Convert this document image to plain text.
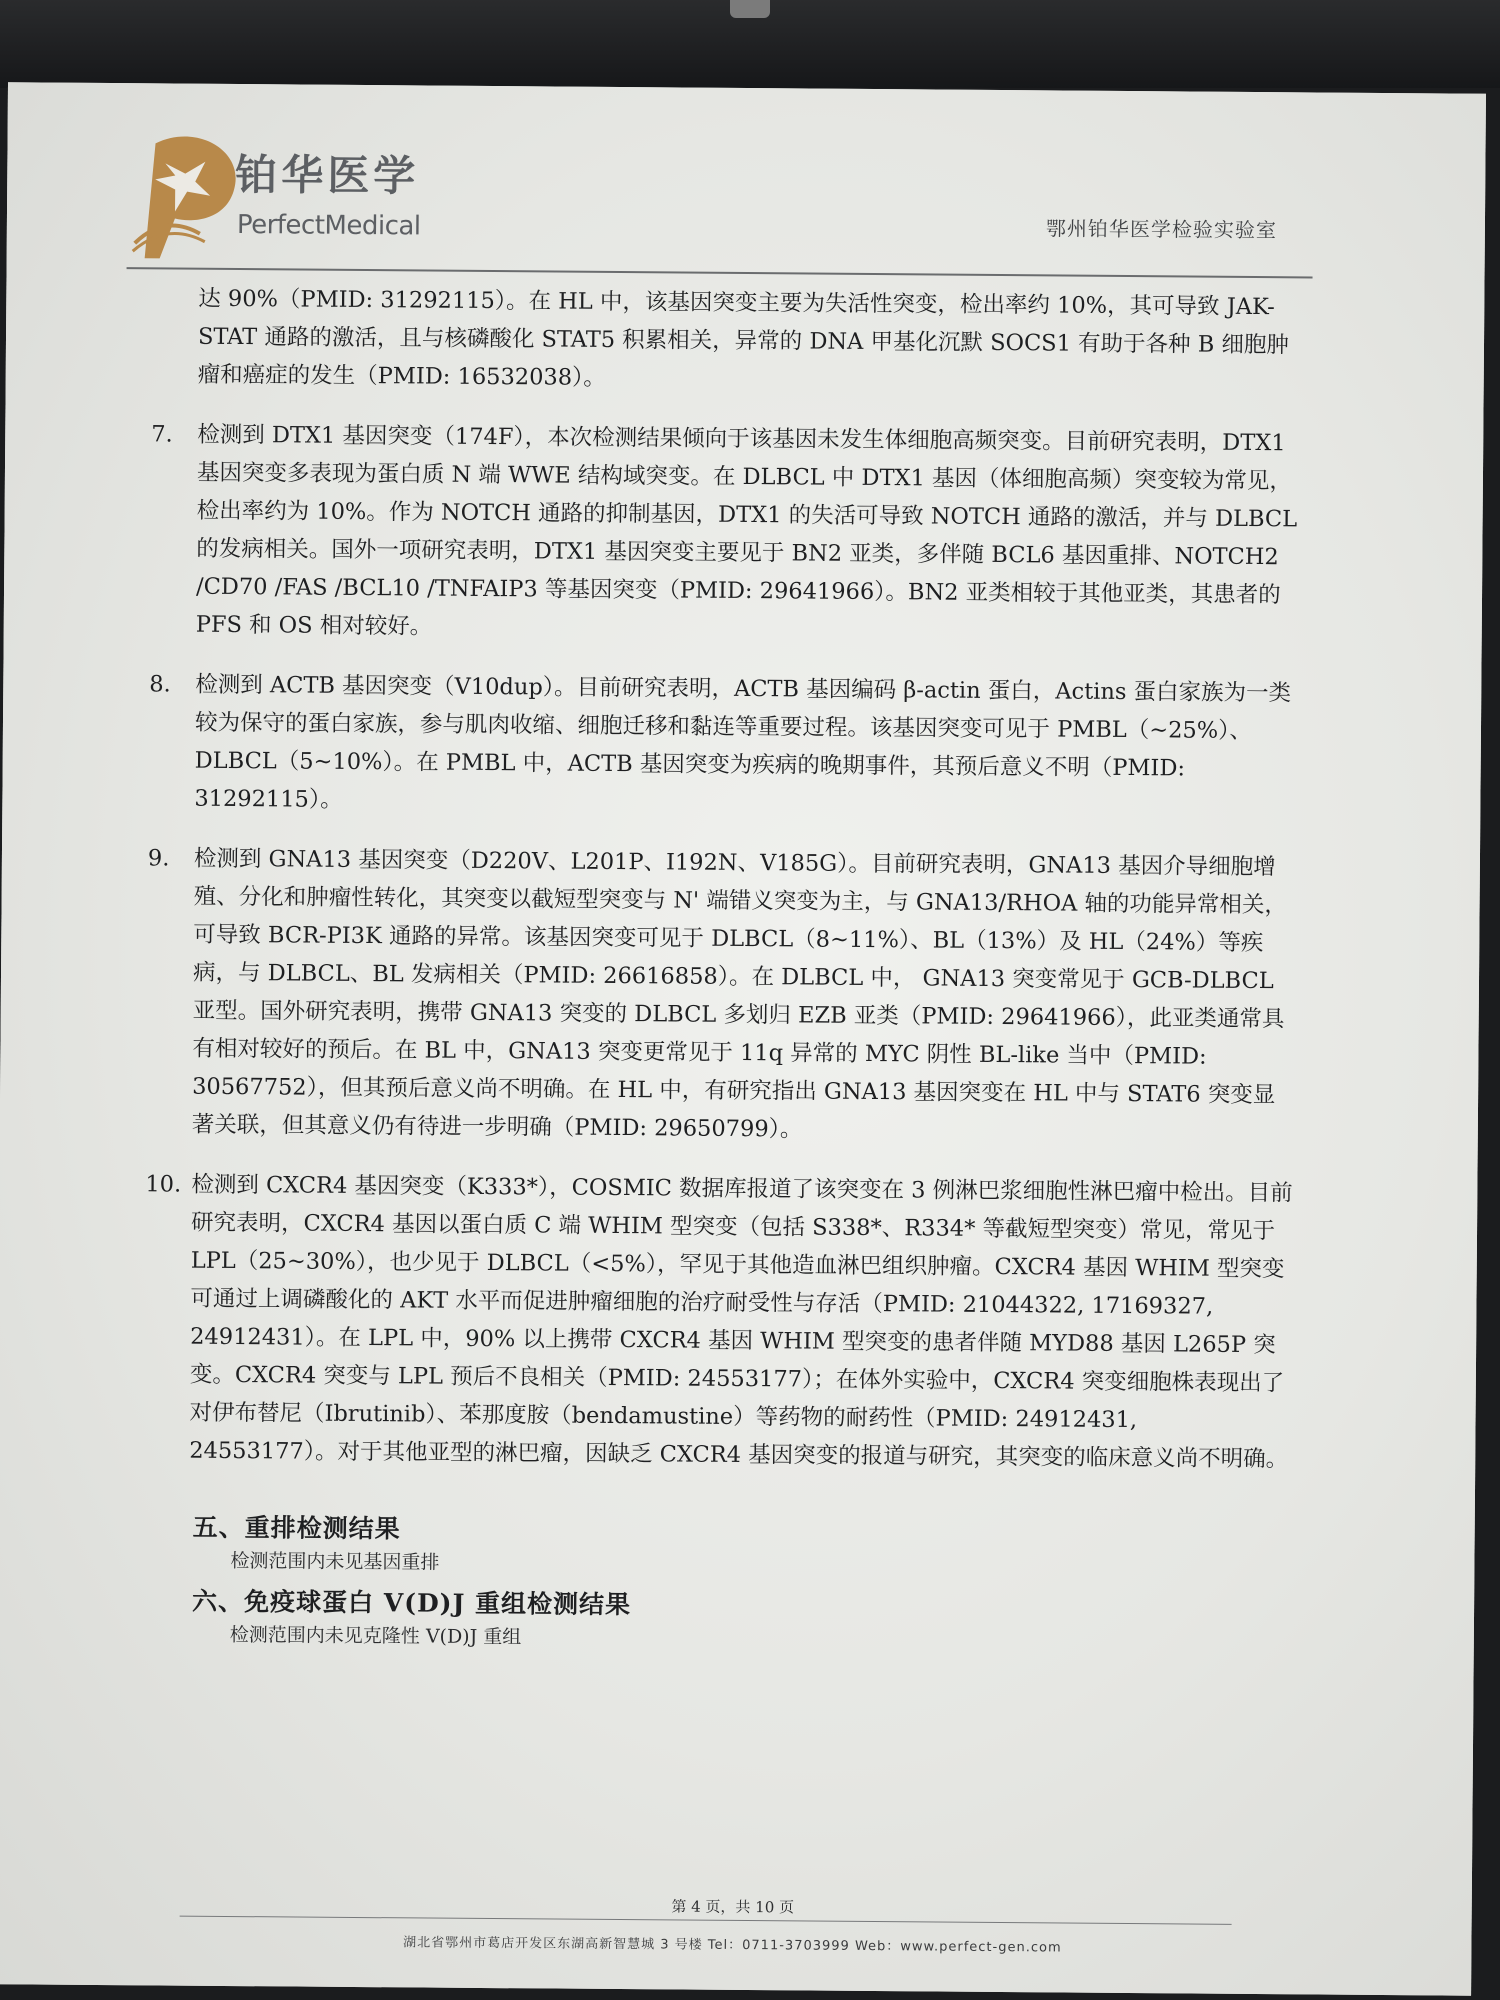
铂华医学
PerfectMedical	鄂州铂华医学检验实验室

达 90%（PMID: 31292115）。在 HL 中，该基因突变主要为失活性突变，检出率约 10%，其可导致 JAK-STAT 通路的激活，且与核磷酸化 STAT5 积累相关，异常的 DNA 甲基化沉默 SOCS1 有助于各种 B 细胞肿瘤和癌症的发生（PMID: 16532038）。

7. 检测到 DTX1 基因突变（174F），本次检测结果倾向于该基因未发生体细胞高频突变。目前研究表明，DTX1 基因突变多表现为蛋白质 N 端 WWE 结构域突变。在 DLBCL 中 DTX1 基因（体细胞高频）突变较为常见，检出率约为 10%。作为 NOTCH 通路的抑制基因，DTX1 的失活可导致 NOTCH 通路的激活，并与 DLBCL 的发病相关。国外一项研究表明，DTX1 基因突变主要见于 BN2 亚类，多伴随 BCL6 基因重排、NOTCH2 /CD70 /FAS /BCL10 /TNFAIP3 等基因突变（PMID: 29641966）。BN2 亚类相较于其他亚类，其患者的 PFS 和 OS 相对较好。
8. 检测到 ACTB 基因突变（V10dup）。目前研究表明，ACTB 基因编码 β-actin 蛋白，Actins 蛋白家族为一类较为保守的蛋白家族，参与肌肉收缩、细胞迁移和黏连等重要过程。该基因突变可见于 PMBL（~25%）、DLBCL（5~10%）。在 PMBL 中，ACTB 基因突变为疾病的晚期事件，其预后意义不明（PMID: 31292115）。
9. 检测到 GNA13 基因突变（D220V、L201P、I192N、V185G）。目前研究表明，GNA13 基因介导细胞增殖、分化和肿瘤性转化，其突变以截短型突变与 N' 端错义突变为主，与 GNA13/RHOA 轴的功能异常相关，可导致 BCR-PI3K 通路的异常。该基因突变可见于 DLBCL（8~11%）、BL（13%）及 HL（24%）等疾病，与 DLBCL、BL 发病相关（PMID: 26616858）。在 DLBCL 中， GNA13 突变常见于 GCB-DLBCL 亚型。国外研究表明，携带 GNA13 突变的 DLBCL 多划归 EZB 亚类（PMID: 29641966），此亚类通常具有相对较好的预后。在 BL 中，GNA13 突变更常见于 11q 异常的 MYC 阴性 BL-like 当中（PMID: 30567752），但其预后意义尚不明确。在 HL 中，有研究指出 GNA13 基因突变在 HL 中与 STAT6 突变显著关联，但其意义仍有待进一步明确（PMID: 29650799）。
10. 检测到 CXCR4 基因突变（K333*），COSMIC 数据库报道了该突变在 3 例淋巴浆细胞性淋巴瘤中检出。目前研究表明，CXCR4 基因以蛋白质 C 端 WHIM 型突变（包括 S338*、R334* 等截短型突变）常见，常见于 LPL（25~30%），也少见于 DLBCL（<5%），罕见于其他造血淋巴组织肿瘤。CXCR4 基因 WHIM 型突变可通过上调磷酸化的 AKT 水平而促进肿瘤细胞的治疗耐受性与存活（PMID: 21044322, 17169327, 24912431）。在 LPL 中，90% 以上携带 CXCR4 基因 WHIM 型突变的患者伴随 MYD88 基因 L265P 突变。CXCR4 突变与 LPL 预后不良相关（PMID: 24553177）；在体外实验中，CXCR4 突变细胞株表现出了对伊布替尼（Ibrutinib）、苯那度胺（bendamustine）等药物的耐药性（PMID: 24912431, 24553177）。对于其他亚型的淋巴瘤，因缺乏 CXCR4 基因突变的报道与研究，其突变的临床意义尚不明确。
五、重排检测结果
检测范围内未见基因重排
六、免疫球蛋白 V(D)J 重组检测结果
检测范围内未见克隆性 V(D)J 重组
第 4 页，共 10 页
湖北省鄂州市葛店开发区东湖高新智慧城 3 号楼 Tel：0711-3703999 Web：www.perfect-gen.com
